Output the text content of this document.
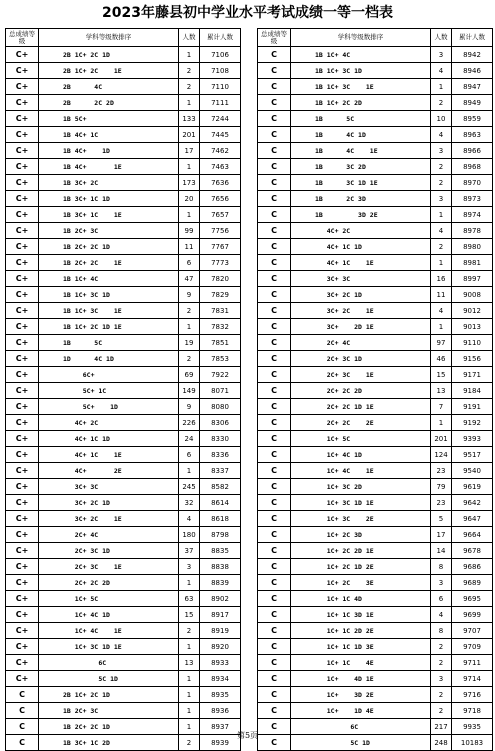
2023年藤县初中学业水平考试成绩一等一档表
总成绩等级	学科等级数排序	人数	累计人数
C+	2B 1C+ 2C 1D	1	7106
C+	2B 1C+ 2C    1E	2	7108
C+	2B      4C	2	7110
C+	2B      2C 2D	1	7111
C+	1B 5C+	133	7244
C+	1B 4C+ 1C	201	7445
C+	1B 4C+    1D	17	7462
C+	1B 4C+       1E	1	7463
C+	1B 3C+ 2C	173	7636
C+	1B 3C+ 1C 1D	20	7656
C+	1B 3C+ 1C    1E	1	7657
C+	1B 2C+ 3C	99	7756
C+	1B 2C+ 2C 1D	11	7767
C+	1B 2C+ 2C    1E	6	7773
C+	1B 1C+ 4C	47	7820
C+	1B 1C+ 3C 1D	9	7829
C+	1B 1C+ 3C    1E	2	7831
C+	1B 1C+ 2C 1D 1E	1	7832
C+	1B      5C	19	7851
C+	1D      4C 1D	2	7853
C+	6C+	69	7922
C+	5C+ 1C	149	8071
C+	5C+    1D	9	8080
C+	4C+ 2C	226	8306
C+	4C+ 1C 1D	24	8330
C+	4C+ 1C    1E	6	8336
C+	4C+       2E	1	8337
C+	3C+ 3C	245	8582
C+	3C+ 2C 1D	32	8614
C+	3C+ 2C    1E	4	8618
C+	2C+ 4C	180	8798
C+	2C+ 3C 1D	37	8835
C+	2C+ 3C    1E	3	8838
C+	2C+ 2C 2D	1	8839
C+	1C+ 5C	63	8902
C+	1C+ 4C 1D	15	8917
C+	1C+ 4C    1E	2	8919
C+	1C+ 3C 1D 1E	1	8920
C+	6C	13	8933
C+	5C 1D	1	8934
C	2B 1C+ 2C 1D	1	8935
C	1B 2C+ 3C	1	8936
C	1B 2C+ 2C 1D	1	8937
C	1B 3C+ 1C 2D	2	8939
总成绩等级	学科等级数排序	人数	累计人数
C	1B 1C+ 4C	3	8942
C	1B 1C+ 3C 1D	4	8946
C	1B 1C+ 3C    1E	1	8947
C	1B 1C+ 2C 2D	2	8949
C	1B      5C	10	8959
C	1B      4C 1D	4	8963
C	1B      4C    1E	3	8966
C	1B      3C 2D	2	8968
C	1B      3C 1D 1E	2	8970
C	1B      2C 3D	3	8973
C	1B         3D 2E	1	8974
C	4C+ 2C	4	8978
C	4C+ 1C 1D	2	8980
C	4C+ 1C    1E	1	8981
C	3C+ 3C	16	8997
C	3C+ 2C 1D	11	9008
C	3C+ 2C    1E	4	9012
C	3C+    2D 1E	1	9013
C	2C+ 4C	97	9110
C	2C+ 3C 1D	46	9156
C	2C+ 3C    1E	15	9171
C	2C+ 2C 2D	13	9184
C	2C+ 2C 1D 1E	7	9191
C	2C+ 2C    2E	1	9192
C	1C+ 5C	201	9393
C	1C+ 4C 1D	124	9517
C	1C+ 4C    1E	23	9540
C	1C+ 3C 2D	79	9619
C	1C+ 3C 1D 1E	23	9642
C	1C+ 3C    2E	5	9647
C	1C+ 2C 3D	17	9664
C	1C+ 2C 2D 1E	14	9678
C	1C+ 2C 1D 2E	8	9686
C	1C+ 2C    3E	3	9689
C	1C+ 1C 4D	6	9695
C	1C+ 1C 3D 1E	4	9699
C	1C+ 1C 2D 2E	8	9707
C	1C+ 1C 1D 3E	2	9709
C	1C+ 1C    4E	2	9711
C	1C+    4D 1E	3	9714
C	1C+    3D 2E	2	9716
C	1C+    1D 4E	2	9718
C	6C	217	9935
C	5C 1D	248	10183
第5页
